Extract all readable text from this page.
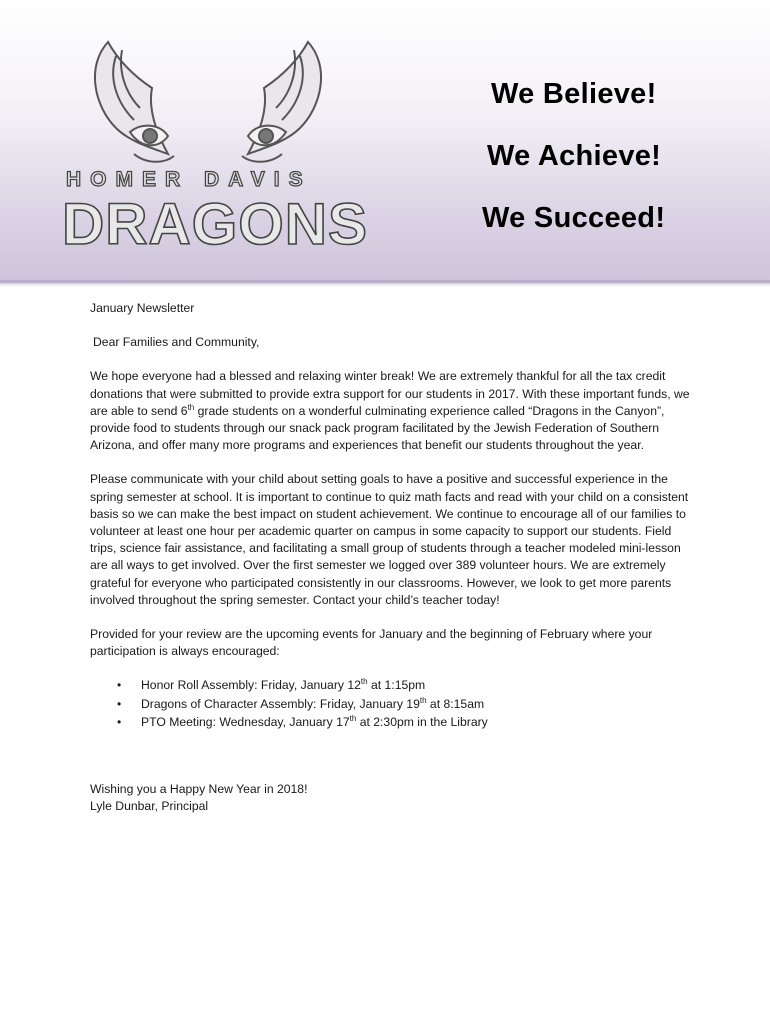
HOMER DAVIS
DRAGONS
We Believe!
We Achieve!
We Succeed!

January Newsletter

Dear Families and Community,

We hope everyone had a blessed and relaxing winter break! We are extremely thankful for all the tax credit donations that were submitted to provide extra support for our students in 2017. With these important funds, we are able to send 6th grade students on a wonderful culminating experience called “Dragons in the Canyon”, provide food to students through our snack pack program facilitated by the Jewish Federation of Southern Arizona, and offer many more programs and experiences that benefit our students throughout the year.

Please communicate with your child about setting goals to have a positive and successful experience in the spring semester at school. It is important to continue to quiz math facts and read with your child on a consistent basis so we can make the best impact on student achievement. We continue to encourage all of our families to volunteer at least one hour per academic quarter on campus in some capacity to support our students. Field trips, science fair assistance, and facilitating a small group of students through a teacher modeled mini-lesson are all ways to get involved. Over the first semester we logged over 389 volunteer hours. We are extremely grateful for everyone who participated consistently in our classrooms. However, we look to get more parents involved throughout the spring semester. Contact your child’s teacher today!

Provided for your review are the upcoming events for January and the beginning of February where your participation is always encouraged:

• Honor Roll Assembly: Friday, January 12th at 1:15pm
• Dragons of Character Assembly: Friday, January 19th at 8:15am
• PTO Meeting: Wednesday, January 17th at 2:30pm in the Library
Wishing you a Happy New Year in 2018!
Lyle Dunbar, Principal
